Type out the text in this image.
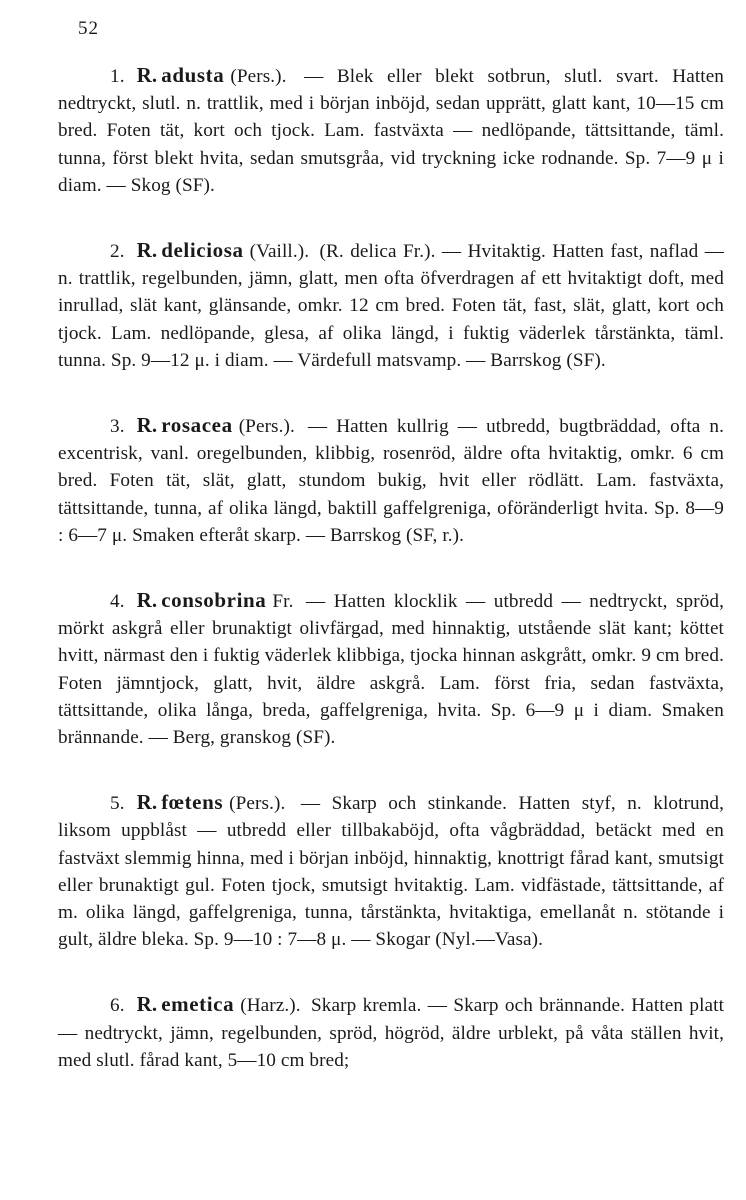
52

1. R. adusta (Pers.). — Blek eller blekt sotbrun, slutl. svart. Hatten nedtryckt, slutl. n. trattlik, med i början inböjd, sedan upprätt, glatt kant, 10—15 cm bred. Foten tät, kort och tjock. Lam. fastväxta — nedlöpande, tättsittande, täml. tunna, först blekt hvita, sedan smutsgråa, vid tryckning icke rodnande. Sp. 7—9 μ i diam. — Skog (SF).

2. R. deliciosa (Vaill.). (R. delica Fr.). — Hvitaktig. Hatten fast, naflad — n. trattlik, regelbunden, jämn, glatt, men ofta öfverdragen af ett hvitaktigt doft, med inrullad, slät kant, glänsande, omkr. 12 cm bred. Foten tät, fast, slät, glatt, kort och tjock. Lam. nedlöpande, glesa, af olika längd, i fuktig väderlek tårstänkta, täml. tunna. Sp. 9—12 μ. i diam. — Värdefull matsvamp. — Barrskog (SF).

3. R. rosacea (Pers.). — Hatten kullrig — utbredd, bugtbräddad, ofta n. excentrisk, vanl. oregelbunden, klibbig, rosenröd, äldre ofta hvitaktig, omkr. 6 cm bred. Foten tät, slät, glatt, stundom bukig, hvit eller rödlätt. Lam. fastväxta, tättsittande, tunna, af olika längd, baktill gaffelgreniga, oföränderligt hvita. Sp. 8—9 : 6—7 μ. Smaken efteråt skarp. — Barrskog (SF, r.).

4. R. consobrina Fr. — Hatten klocklik — utbredd — nedtryckt, spröd, mörkt askgrå eller brunaktigt olivfärgad, med hinnaktig, utstående slät kant; köttet hvitt, närmast den i fuktig väderlek klibbiga, tjocka hinnan askgrått, omkr. 9 cm bred. Foten jämntjock, glatt, hvit, äldre askgrå. Lam. först fria, sedan fastväxta, tättsittande, olika långa, breda, gaffelgreniga, hvita. Sp. 6—9 μ i diam. Smaken brännande. — Berg, granskog (SF).

5. R. fœtens (Pers.). — Skarp och stinkande. Hatten styf, n. klotrund, liksom uppblåst — utbredd eller tillbakaböjd, ofta vågbräddad, betäckt med en fastväxt slemmig hinna, med i början inböjd, hinnaktig, knottrigt fårad kant, smutsigt eller brunaktigt gul. Foten tjock, smutsigt hvitaktig. Lam. vidfästade, tättsittande, af m. olika längd, gaffelgreniga, tunna, tårstänkta, hvitaktiga, emellanåt n. stötande i gult, äldre bleka. Sp. 9—10 : 7—8 μ. — Skogar (Nyl.—Vasa).

6. R. emetica (Harz.). Skarp kremla. — Skarp och brännande. Hatten platt — nedtryckt, jämn, regelbunden, spröd, högröd, äldre urblekt, på våta ställen hvit, med slutl. fårad kant, 5—10 cm bred;
